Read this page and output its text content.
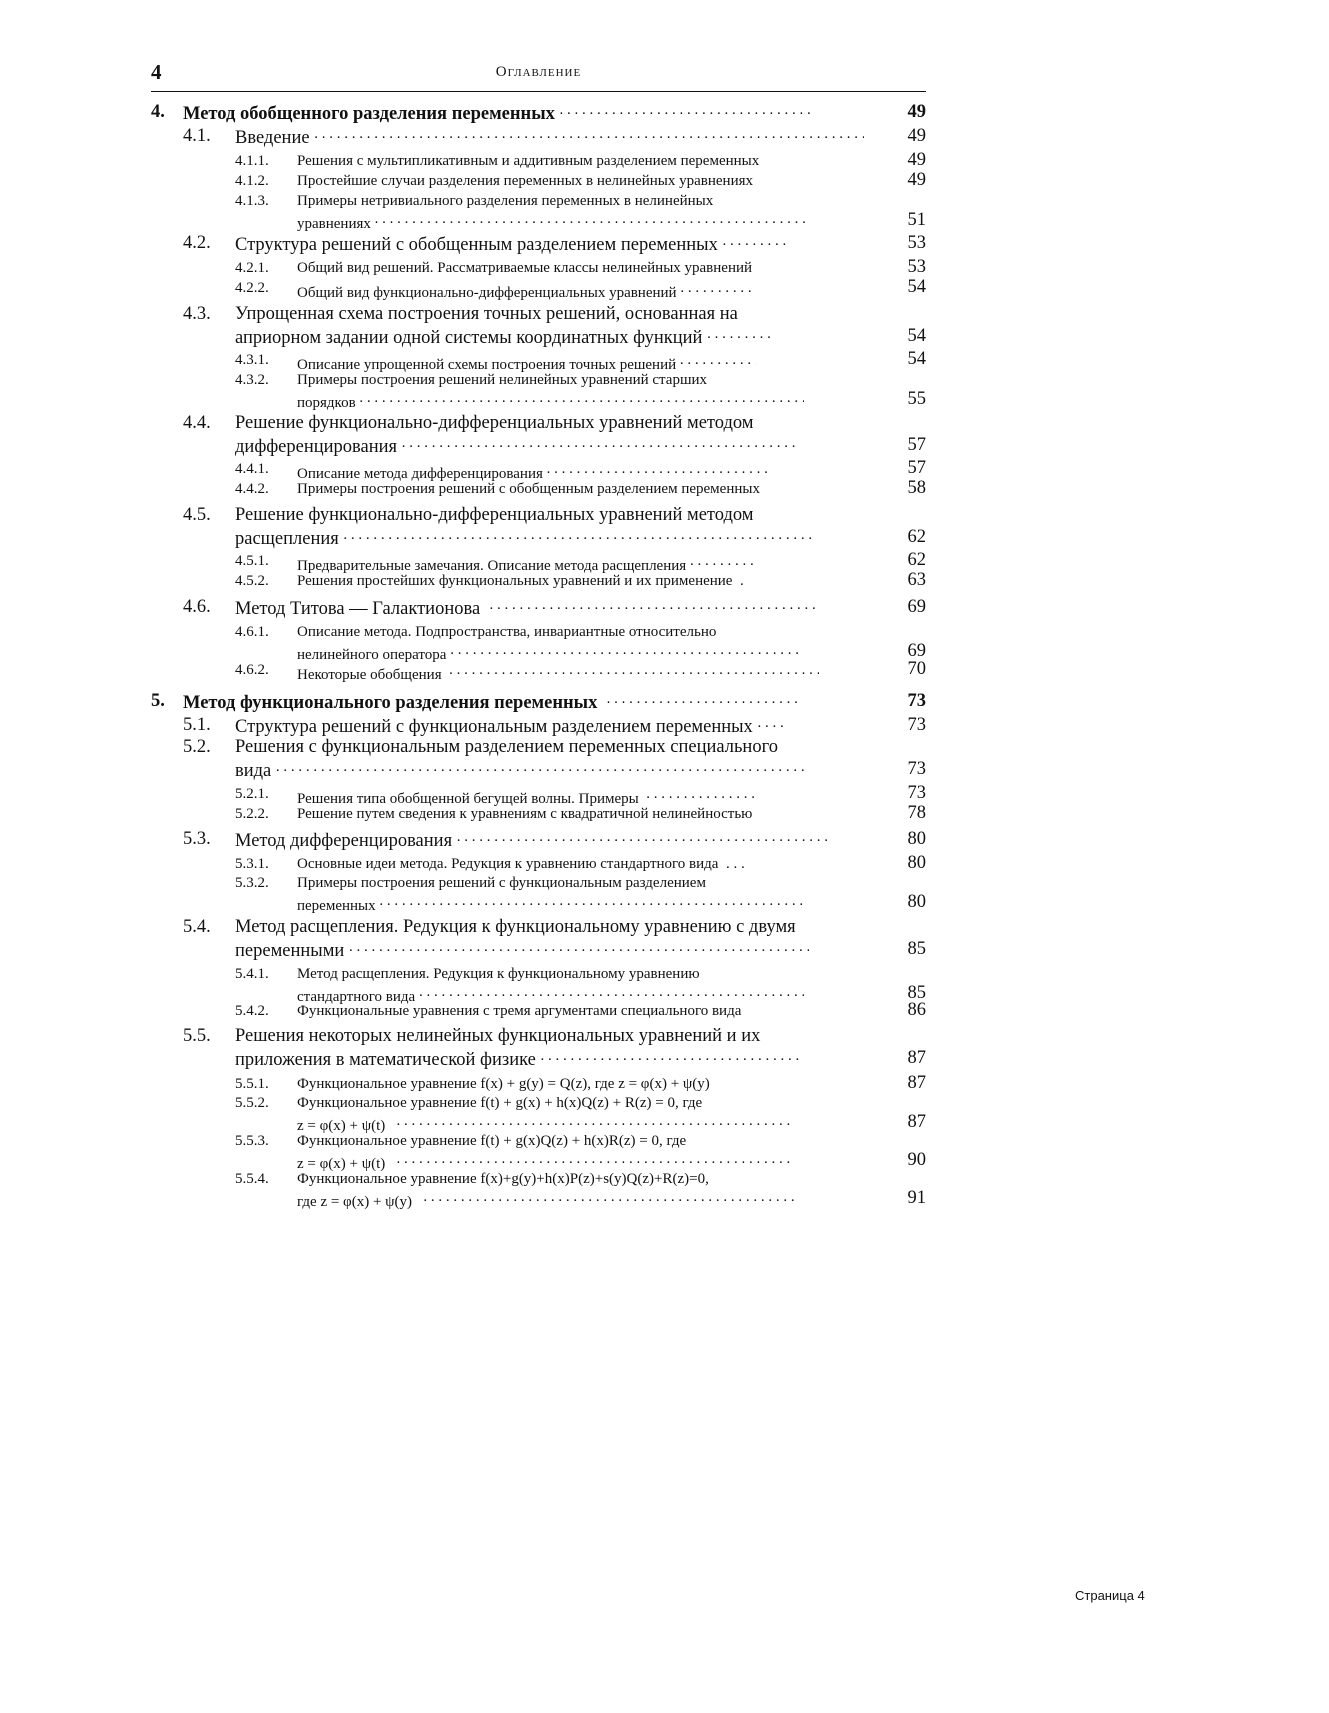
4	Оглавление
4. Метод обобщенного разделения переменных . . .	49
4.1. Введение . . .	49
4.1.1. Решения с мультипликативным и аддитивным разделением переменных	49
4.1.2. Простейшие случаи разделения переменных в нелинейных уравнениях	49
4.1.3. Примеры нетривиального разделения переменных в нелинейных
уравнениях . . .	51
4.2. Структура решений с обобщенным разделением переменных . . .	53
4.2.1. Общий вид решений. Рассматриваемые классы нелинейных уравнений	53
4.2.2. Общий вид функционально-дифференциальных уравнений . . .	54
4.3. Упрощенная схема построения точных решений, основанная на
априорном задании одной системы координатных функций . . .	54
4.3.1. Описание упрощенной схемы построения точных решений . . .	54
4.3.2. Примеры построения решений нелинейных уравнений старших
порядков . . .	55
4.4. Решение функционально-дифференциальных уравнений методом
дифференцирования . . .	57
4.4.1. Описание метода дифференцирования . . .	57
4.4.2. Примеры построения решений с обобщенным разделением переменных	58
4.5. Решение функционально-дифференциальных уравнений методом
расщепления . . .	62
4.5.1. Предварительные замечания. Описание метода расщепления . . .	62
4.5.2. Решения простейших функциональных уравнений и их применение  .	63
4.6. Метод Титова — Галактионова . . .	69
4.6.1. Описание метода. Подпространства, инвариантные относительно
нелинейного оператора . . .	69
4.6.2. Некоторые обобщения . . .	70
5. Метод функционального разделения переменных . . .	73
5.1. Структура решений с функциональным разделением переменных . . .	73
5.2. Решения с функциональным разделением переменных специального
вида . . .	73
5.2.1. Решения типа обобщенной бегущей волны. Примеры . . .	73
5.2.2. Решение путем сведения к уравнениям с квадратичной нелинейностью	78
5.3. Метод дифференцирования . . .	80
5.3.1. Основные идеи метода. Редукция к уравнению стандартного вида  . . .	80
5.3.2. Примеры построения решений с функциональным разделением
переменных . . .	80
5.4. Метод расщепления. Редукция к функциональному уравнению с двумя
переменными . . .	85
5.4.1. Метод расщепления. Редукция к функциональному уравнению
стандартного вида . . .	85
5.4.2. Функциональные уравнения с тремя аргументами специального вида	86
5.5. Решения некоторых нелинейных функциональных уравнений и их
приложения в математической физике . . .	87
5.5.1. Функциональное уравнение f(x) + g(y) = Q(z), где z = φ(x) + ψ(y)	87
5.5.2. Функциональное уравнение f(t) + g(x) + h(x)Q(z) + R(z) = 0, где
z = φ(x) + ψ(t) . . .	87
5.5.3. Функциональное уравнение f(t) + g(x)Q(z) + h(x)R(z) = 0, где
z = φ(x) + ψ(t) . . .	90
5.5.4. Функциональное уравнение f(x)+g(y)+h(x)P(z)+s(y)Q(z)+R(z)=0,
где z = φ(x) + ψ(y) . . .	91
Страница 4
